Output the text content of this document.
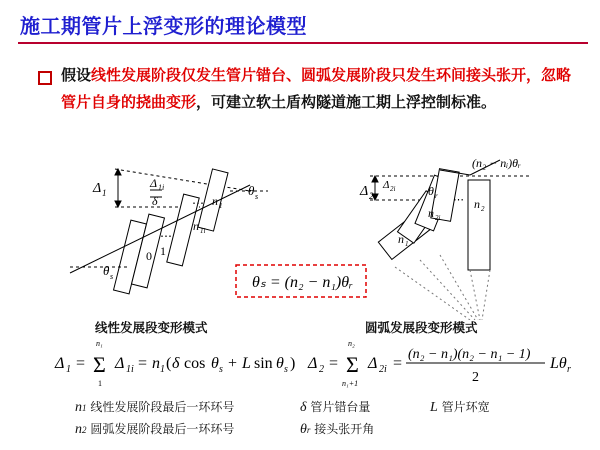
施工期管片上浮变形的理论模型
假设线性发展阶段仅发生管片错台、圆弧发展阶段只发生环间接头张开，忽略管片自身的挠曲变形，可建立软土盾构隧道施工期上浮控制标准。
⋯
⋯
Δ 1
Δ 1i
δ
θ s
θ s
0 1
n 1i
n 1
θₛ = (n₂ − n₁)θᵣ
⋯
Δ 2
Δ 2i	θ r
(n₂ − nᵢ)θᵣ
n 2
n 2i
n 1
线性发展段变形模式	圆弧发展段变形模式
Δ 1 = Σ
n₁
1
Δ 1i = n 1 ( δ cos θ s + L sin θ s ) Δ 2 = Σ
n₂
n₁+1
Δ 2i =
(n₂ − n₁)(n₂ − n₁ − 1)
2
Lθ r
n1 线性发展阶段最后一环环号
n2 圆弧发展阶段最后一环环号
δ 管片错台量
θr 接头张开角
L 管片环宽
